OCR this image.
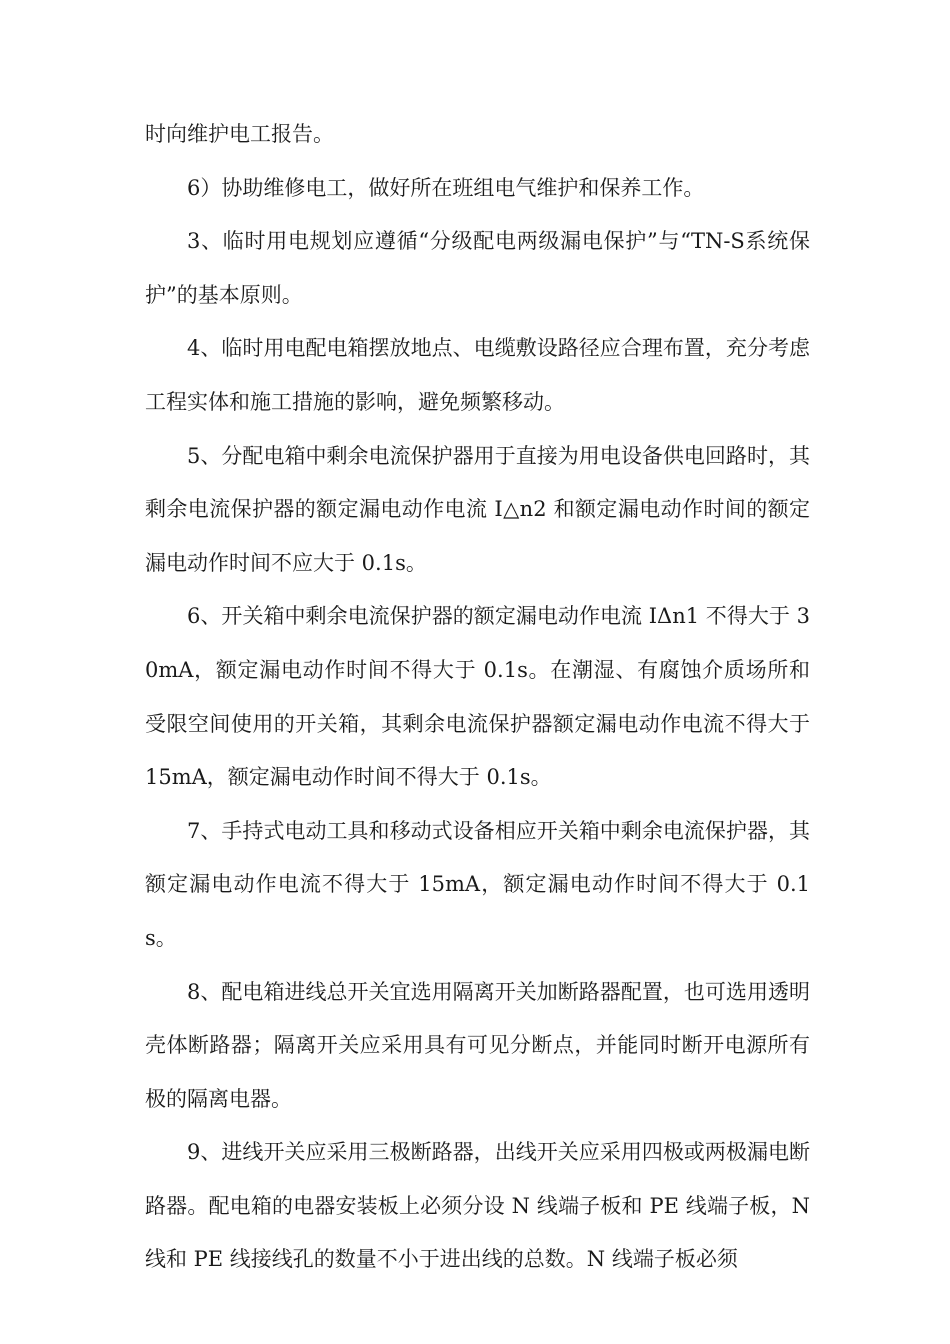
时向维护电工报告。

6）协助维修电工，做好所在班组电气维护和保养工作。

3、临时用电规划应遵循“分级配电两级漏电保护”与“TN-S系统保护”的基本原则。

4、临时用电配电箱摆放地点、电缆敷设路径应合理布置，充分考虑工程实体和施工措施的影响，避免频繁移动。

5、分配电箱中剩余电流保护器用于直接为用电设备供电回路时，其剩余电流保护器的额定漏电动作电流 I△n2 和额定漏电动作时间的额定漏电动作时间不应大于 0.1s。

6、开关箱中剩余电流保护器的额定漏电动作电流 IΔn1 不得大于 30mA，额定漏电动作时间不得大于 0.1s。在潮湿、有腐蚀介质场所和受限空间使用的开关箱，其剩余电流保护器额定漏电动作电流不得大于 15mA，额定漏电动作时间不得大于 0.1s。

7、手持式电动工具和移动式设备相应开关箱中剩余电流保护器，其额定漏电动作电流不得大于 15mA，额定漏电动作时间不得大于 0.1s。

8、配电箱进线总开关宜选用隔离开关加断路器配置，也可选用透明壳体断路器；隔离开关应采用具有可见分断点，并能同时断开电源所有极的隔离电器。

9、进线开关应采用三极断路器，出线开关应采用四极或两极漏电断路器。配电箱的电器安装板上必须分设 N 线端子板和 PE 线端子板，N 线和 PE 线接线孔的数量不小于进出线的总数。N 线端子板必须
